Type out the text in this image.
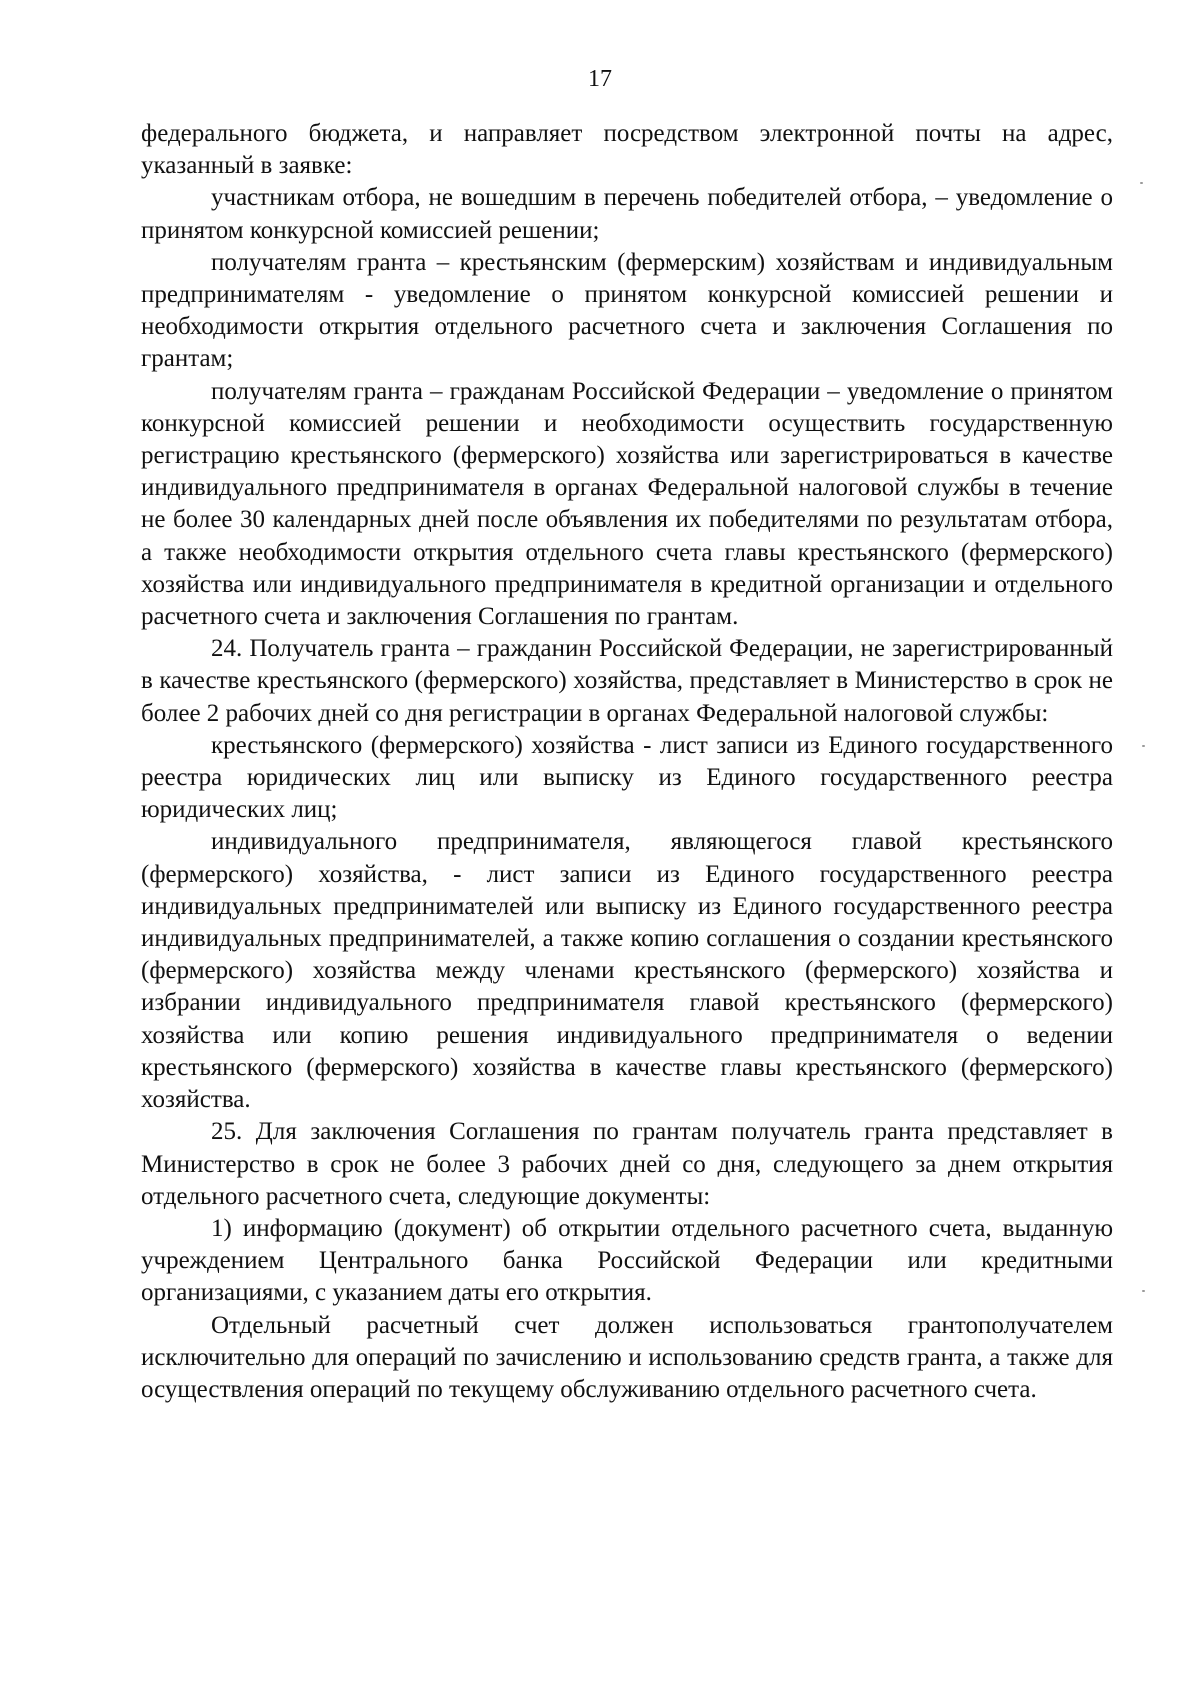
17

федерального бюджета, и направляет посредством электронной почты на адрес, указанный в заявке:

участникам отбора, не вошедшим в перечень победителей отбора, – уведомление о принятом конкурсной комиссией решении;

получателям гранта – крестьянским (фермерским) хозяйствам и индивидуальным предпринимателям - уведомление о принятом конкурсной комиссией решении и необходимости открытия отдельного расчетного счета и заключения Соглашения по грантам;

получателям гранта – гражданам Российской Федерации – уведомление о принятом конкурсной комиссией решении и необходимости осуществить государственную регистрацию крестьянского (фермерского) хозяйства или зарегистрироваться в качестве индивидуального предпринимателя в органах Федеральной налоговой службы в течение не более 30 календарных дней после объявления их победителями по результатам отбора, а также необходимости открытия отдельного счета главы крестьянского (фермерского) хозяйства или индивидуального предпринимателя в кредитной организации и отдельного расчетного счета и заключения Соглашения по грантам.

24. Получатель гранта – гражданин Российской Федерации, не зарегистрированный в качестве крестьянского (фермерского) хозяйства, представляет в Министерство в срок не более 2 рабочих дней со дня регистрации в органах Федеральной налоговой службы:

крестьянского (фермерского) хозяйства - лист записи из Единого государственного реестра юридических лиц или выписку из Единого государственного реестра юридических лиц;

индивидуального предпринимателя, являющегося главой крестьянского (фермерского) хозяйства, - лист записи из Единого государственного реестра индивидуальных предпринимателей или выписку из Единого государственного реестра индивидуальных предпринимателей, а также копию соглашения о создании крестьянского (фермерского) хозяйства между членами крестьянского (фермерского) хозяйства и избрании индивидуального предпринимателя главой крестьянского (фермерского) хозяйства или копию решения индивидуального предпринимателя о ведении крестьянского (фермерского) хозяйства в качестве главы крестьянского (фермерского) хозяйства.

25. Для заключения Соглашения по грантам получатель гранта представляет в Министерство в срок не более 3 рабочих дней со дня, следующего за днем открытия отдельного расчетного счета, следующие документы:

1) информацию (документ) об открытии отдельного расчетного счета, выданную учреждением Центрального банка Российской Федерации или кредитными организациями, с указанием даты его открытия.

Отдельный расчетный счет должен использоваться грантополучателем исключительно для операций по зачислению и использованию средств гранта, а также для осуществления операций по текущему обслуживанию отдельного расчетного счета.
